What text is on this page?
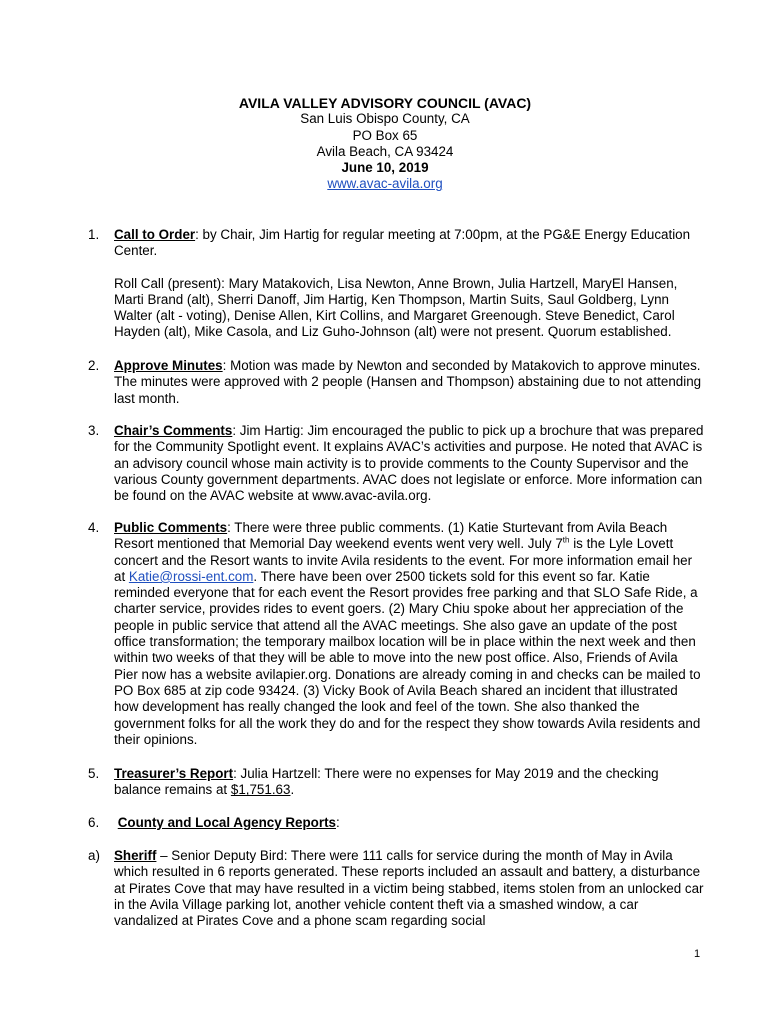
AVILA VALLEY ADVISORY COUNCIL (AVAC)
San Luis Obispo County, CA
PO Box 65
Avila Beach, CA 93424
June 10, 2019
www.avac-avila.org
1.	Call to Order: by Chair, Jim Hartig for regular meeting at 7:00pm, at the PG&E Energy Education Center.

Roll Call (present): Mary Matakovich, Lisa Newton, Anne Brown, Julia Hartzell, MaryEl Hansen, Marti Brand (alt), Sherri Danoff, Jim Hartig, Ken Thompson, Martin Suits, Saul Goldberg, Lynn Walter (alt - voting), Denise Allen, Kirt Collins, and Margaret Greenough. Steve Benedict, Carol Hayden (alt), Mike Casola, and Liz Guho-Johnson (alt) were not present. Quorum established.

2.	Approve Minutes: Motion was made by Newton and seconded by Matakovich to approve minutes. The minutes were approved with 2 people (Hansen and Thompson) abstaining due to not attending last month.

3.	Chair’s Comments: Jim Hartig: Jim encouraged the public to pick up a brochure that was prepared for the Community Spotlight event. It explains AVAC’s activities and purpose. He noted that AVAC is an advisory council whose main activity is to provide comments to the County Supervisor and the various County government departments. AVAC does not legislate or enforce. More information can be found on the AVAC website at www.avac-avila.org.

4.	Public Comments: There were three public comments. (1) Katie Sturtevant from Avila Beach Resort mentioned that Memorial Day weekend events went very well. July 7th is the Lyle Lovett concert and the Resort wants to invite Avila residents to the event. For more information email her at Katie@rossi-ent.com. There have been over 2500 tickets sold for this event so far. Katie reminded everyone that for each event the Resort provides free parking and that SLO Safe Ride, a charter service, provides rides to event goers. (2) Mary Chiu spoke about her appreciation of the people in public service that attend all the AVAC meetings. She also gave an update of the post office transformation; the temporary mailbox location will be in place within the next week and then within two weeks of that they will be able to move into the new post office. Also, Friends of Avila Pier now has a website avilapier.org. Donations are already coming in and checks can be mailed to PO Box 685 at zip code 93424. (3) Vicky Book of Avila Beach shared an incident that illustrated how development has really changed the look and feel of the town. She also thanked the government folks for all the work they do and for the respect they show towards Avila residents and their opinions.

5.	Treasurer’s Report: Julia Hartzell: There were no expenses for May 2019 and the checking balance remains at $1,751.63.

6.	County and Local Agency Reports:

a)	Sheriff – Senior Deputy Bird: There were 111 calls for service during the month of May in Avila which resulted in 6 reports generated. These reports included an assault and battery, a disturbance at Pirates Cove that may have resulted in a victim being stabbed, items stolen from an unlocked car in the Avila Village parking lot, another vehicle content theft via a smashed window, a car vandalized at Pirates Cove and a phone scam regarding social

1
